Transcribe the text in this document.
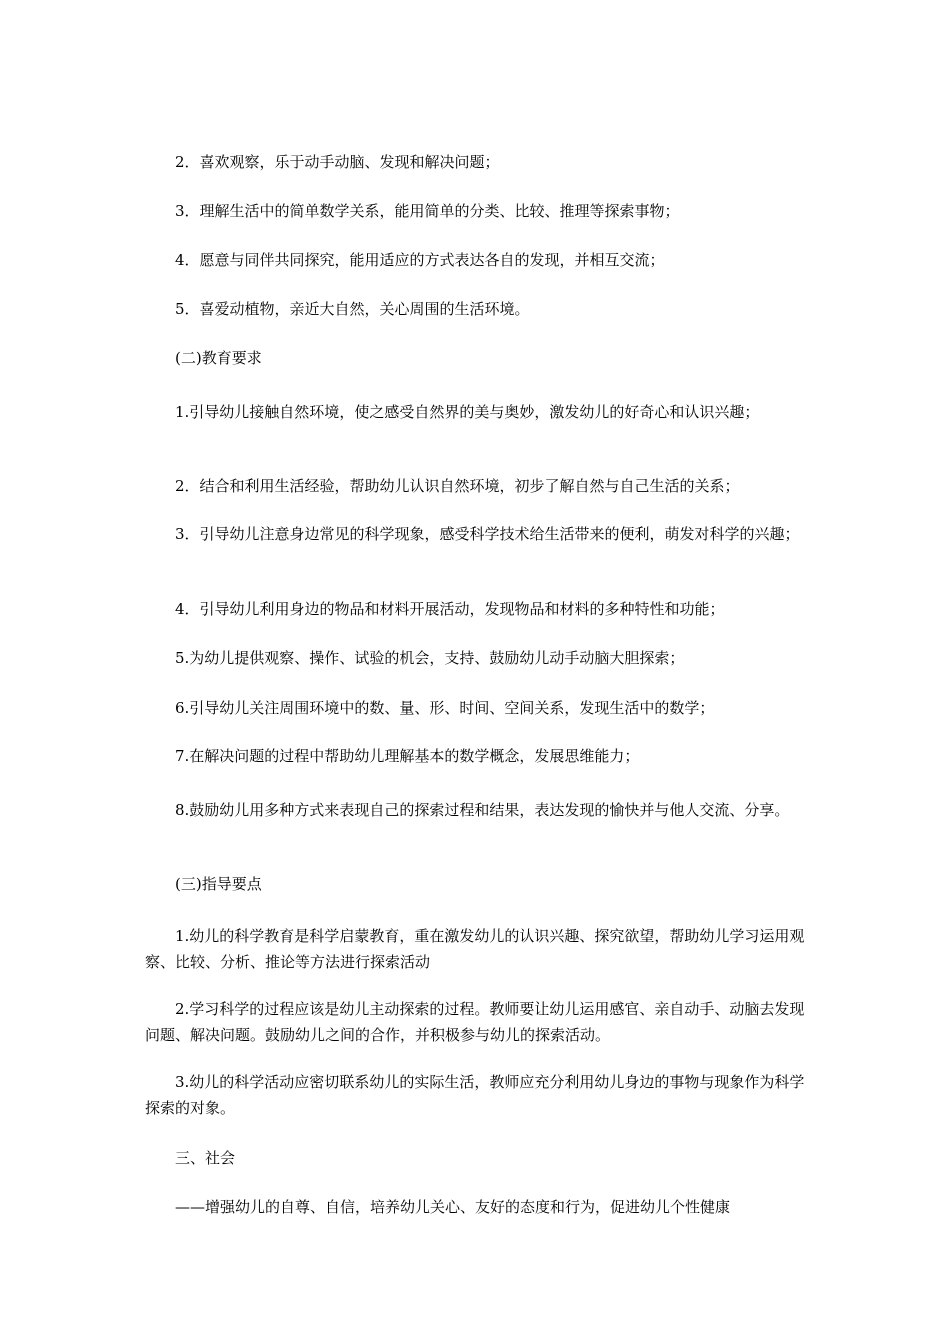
2．喜欢观察，乐于动手动脑、发现和解决问题；

3．理解生活中的简单数学关系，能用简单的分类、比较、推理等探索事物；

4．愿意与同伴共同探究，能用适应的方式表达各自的发现，并相互交流；

5．喜爱动植物，亲近大自然，关心周围的生活环境。

(二)教育要求

1.引导幼儿接触自然环境，使之感受自然界的美与奥妙，激发幼儿的好奇心和认识兴趣；

2．结合和利用生活经验，帮助幼儿认识自然环境，初步了解自然与自己生活的关系；

3．引导幼儿注意身边常见的科学现象，感受科学技术给生活带来的便利，萌发对科学的兴趣；

4．引导幼儿利用身边的物品和材料开展活动，发现物品和材料的多种特性和功能；

5.为幼儿提供观察、操作、试验的机会，支持、鼓励幼儿动手动脑大胆探索；

6.引导幼儿关注周围环境中的数、量、形、时间、空间关系，发现生活中的数学；

7.在解决问题的过程中帮助幼儿理解基本的数学概念，发展思维能力；

8.鼓励幼儿用多种方式来表现自己的探索过程和结果，表达发现的愉快并与他人交流、分享。

(三)指导要点

1.幼儿的科学教育是科学启蒙教育，重在激发幼儿的认识兴趣、探究欲望，帮助幼儿学习运用观察、比较、分析、推论等方法进行探索活动

2.学习科学的过程应该是幼儿主动探索的过程。教师要让幼儿运用感官、亲自动手、动脑去发现问题、解决问题。鼓励幼儿之间的合作，并积极参与幼儿的探索活动。

3.幼儿的科学活动应密切联系幼儿的实际生活，教师应充分利用幼儿身边的事物与现象作为科学探索的对象。

三、社会

——增强幼儿的自尊、自信，培养幼儿关心、友好的态度和行为，促进幼儿个性健康
